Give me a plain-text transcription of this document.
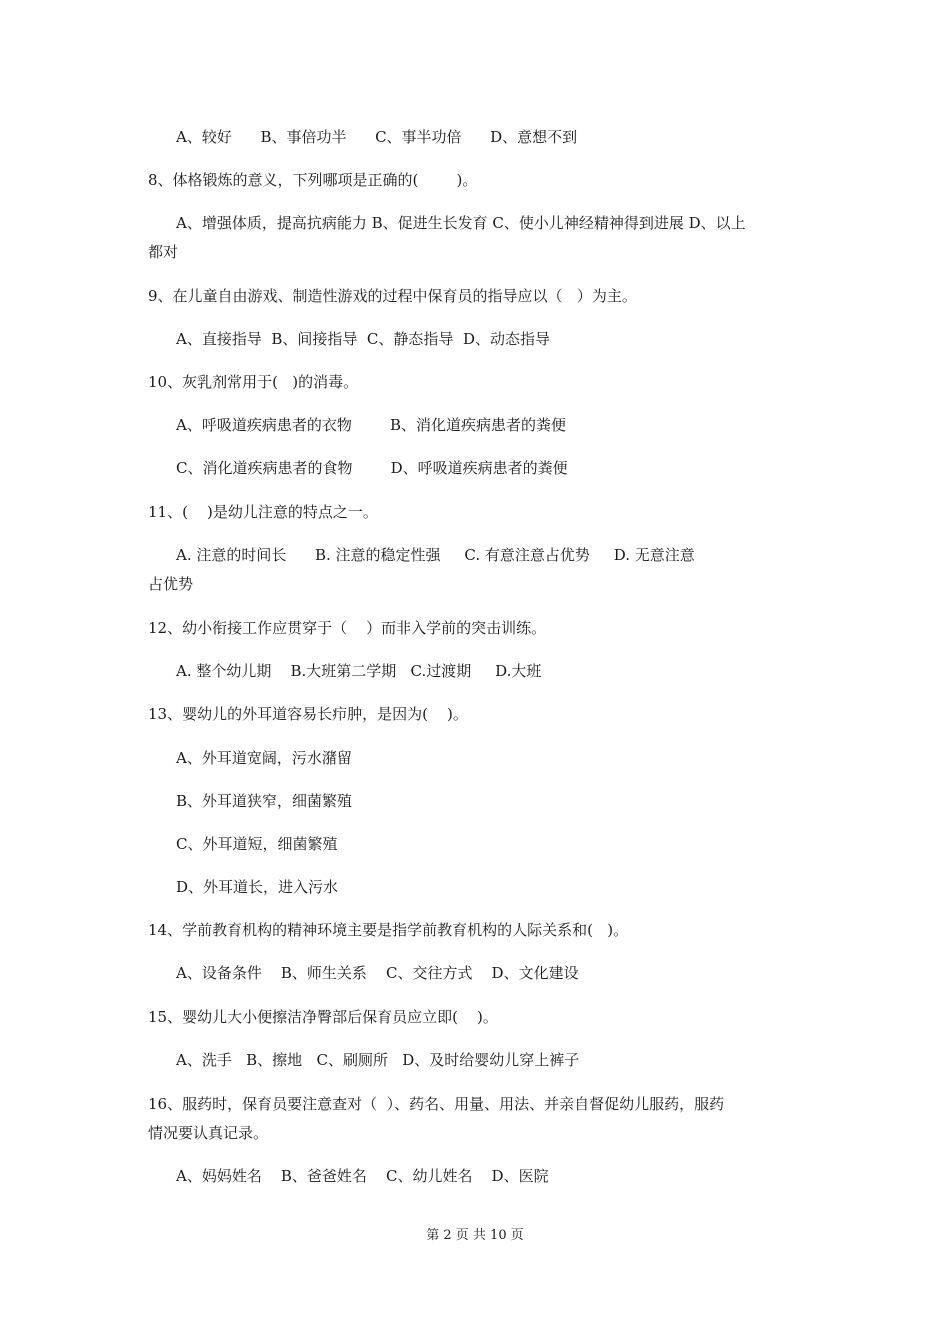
A、较好      B、事倍功半      C、事半功倍      D、意想不到
8、体格锻炼的意义，下列哪项是正确的(        )。
A、增强体质，提高抗病能力 B、促进生长发育 C、使小儿神经精神得到进展 D、以上
都对
9、在儿童自由游戏、制造性游戏的过程中保育员的指导应以（   ）为主。
A、直接指导  B、间接指导  C、静态指导  D、动态指导
10、灰乳剂常用于(   )的消毒。
A、呼吸道疾病患者的衣物        B、消化道疾病患者的粪便
C、消化道疾病患者的食物        D、呼吸道疾病患者的粪便
11、(    )是幼儿注意的特点之一。
A. 注意的时间长      B. 注意的稳定性强     C. 有意注意占优势     D. 无意注意
占优势
12、幼小衔接工作应贯穿于（    ）而非入学前的突击训练。
A. 整个幼儿期    B.大班第二学期   C.过渡期     D.大班
13、婴幼儿的外耳道容易长疖肿，是因为(    )。
A、外耳道宽阔，污水潴留
B、外耳道狭窄，细菌繁殖
C、外耳道短，细菌繁殖
D、外耳道长，进入污水
14、学前教育机构的精神环境主要是指学前教育机构的人际关系和(   )。
A、设备条件    B、师生关系    C、交往方式    D、文化建设
15、婴幼儿大小便擦洁净臀部后保育员应立即(    )。
A、洗手   B、擦地   C、刷厕所   D、及时给婴幼儿穿上裤子
16、服药时，保育员要注意查对（  ）、药名、用量、用法、并亲自督促幼儿服药，服药
情况要认真记录。
A、妈妈姓名    B、爸爸姓名    C、幼儿姓名    D、医院
第 2 页 共 10 页
